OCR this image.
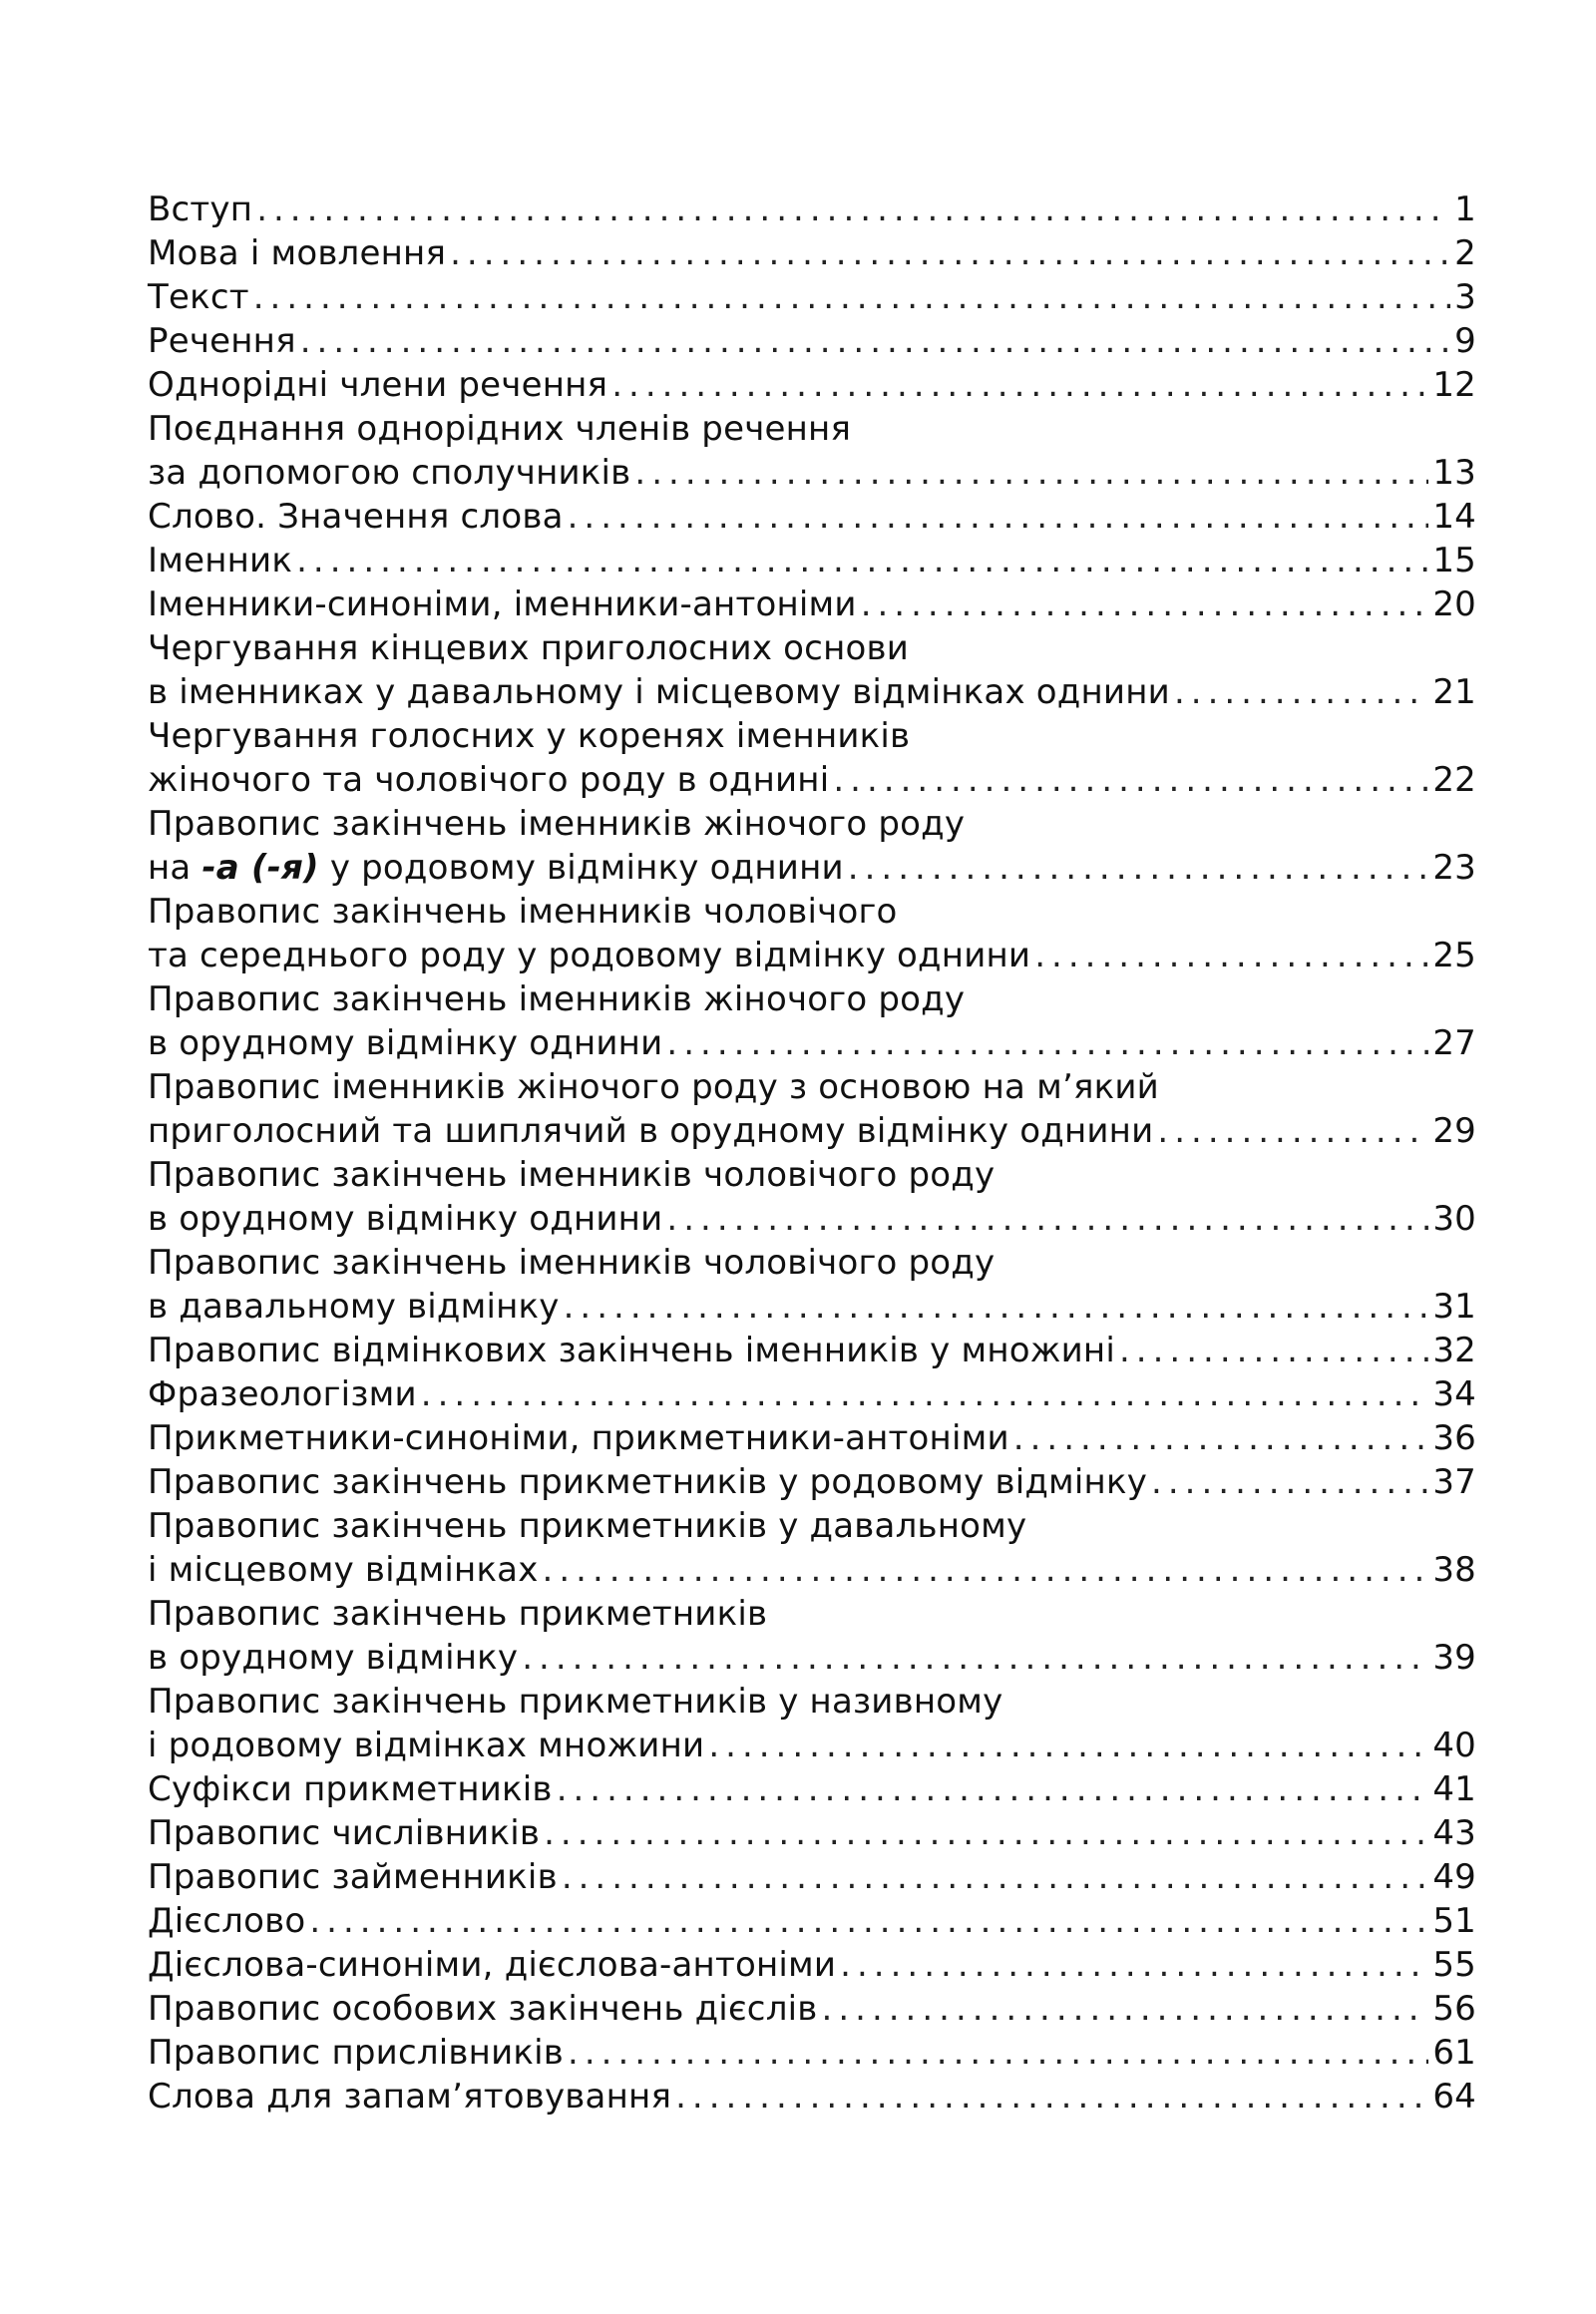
Вступ .....	1
Мова і мовлення .....	2
Текст .....	3
Речення .....	9
Однорідні члени речення .....	12
Поєднання однорідних членів речення
за допомогою сполучників .....	13
Слово. Значення слова .....	14
Іменник .....	15
Іменники-синоніми, іменники-антоніми .....	20
Чергування кінцевих приголосних основи
в іменниках у давальному і місцевому відмінках однини .....	21
Чергування голосних у коренях іменників
жіночого та чоловічого роду в однині .....	22
Правопис закінчень іменників жіночого роду
на -а (-я) у родовому відмінку однини .....	23
Правопис закінчень іменників чоловічого
та середнього роду у родовому відмінку однини .....	25
Правопис закінчень іменників жіночого роду
в орудному відмінку однини .....	27
Правопис іменників жіночого роду з основою на м’який
приголосний та шиплячий в орудному відмінку однини .....	29
Правопис закінчень іменників чоловічого роду
в орудному відмінку однини .....	30
Правопис закінчень іменників чоловічого роду
в давальному відмінку .....	31
Правопис відмінкових закінчень іменників у множині .....	32
Фразеологізми .....	34
Прикметники-синоніми, прикметники-антоніми .....	36
Правопис закінчень прикметників у родовому відмінку .....	37
Правопис закінчень прикметників у давальному
і місцевому відмінках .....	38
Правопис закінчень прикметників
в орудному відмінку .....	39
Правопис закінчень прикметників у називному
і родовому відмінках множини .....	40
Суфікси прикметників .....	41
Правопис числівників .....	43
Правопис займенників .....	49
Дієслово .....	51
Дієслова-синоніми, дієслова-антоніми .....	55
Правопис особових закінчень дієслів .....	56
Правопис прислівників .....	61
Слова для запам’ятовування .....	64
